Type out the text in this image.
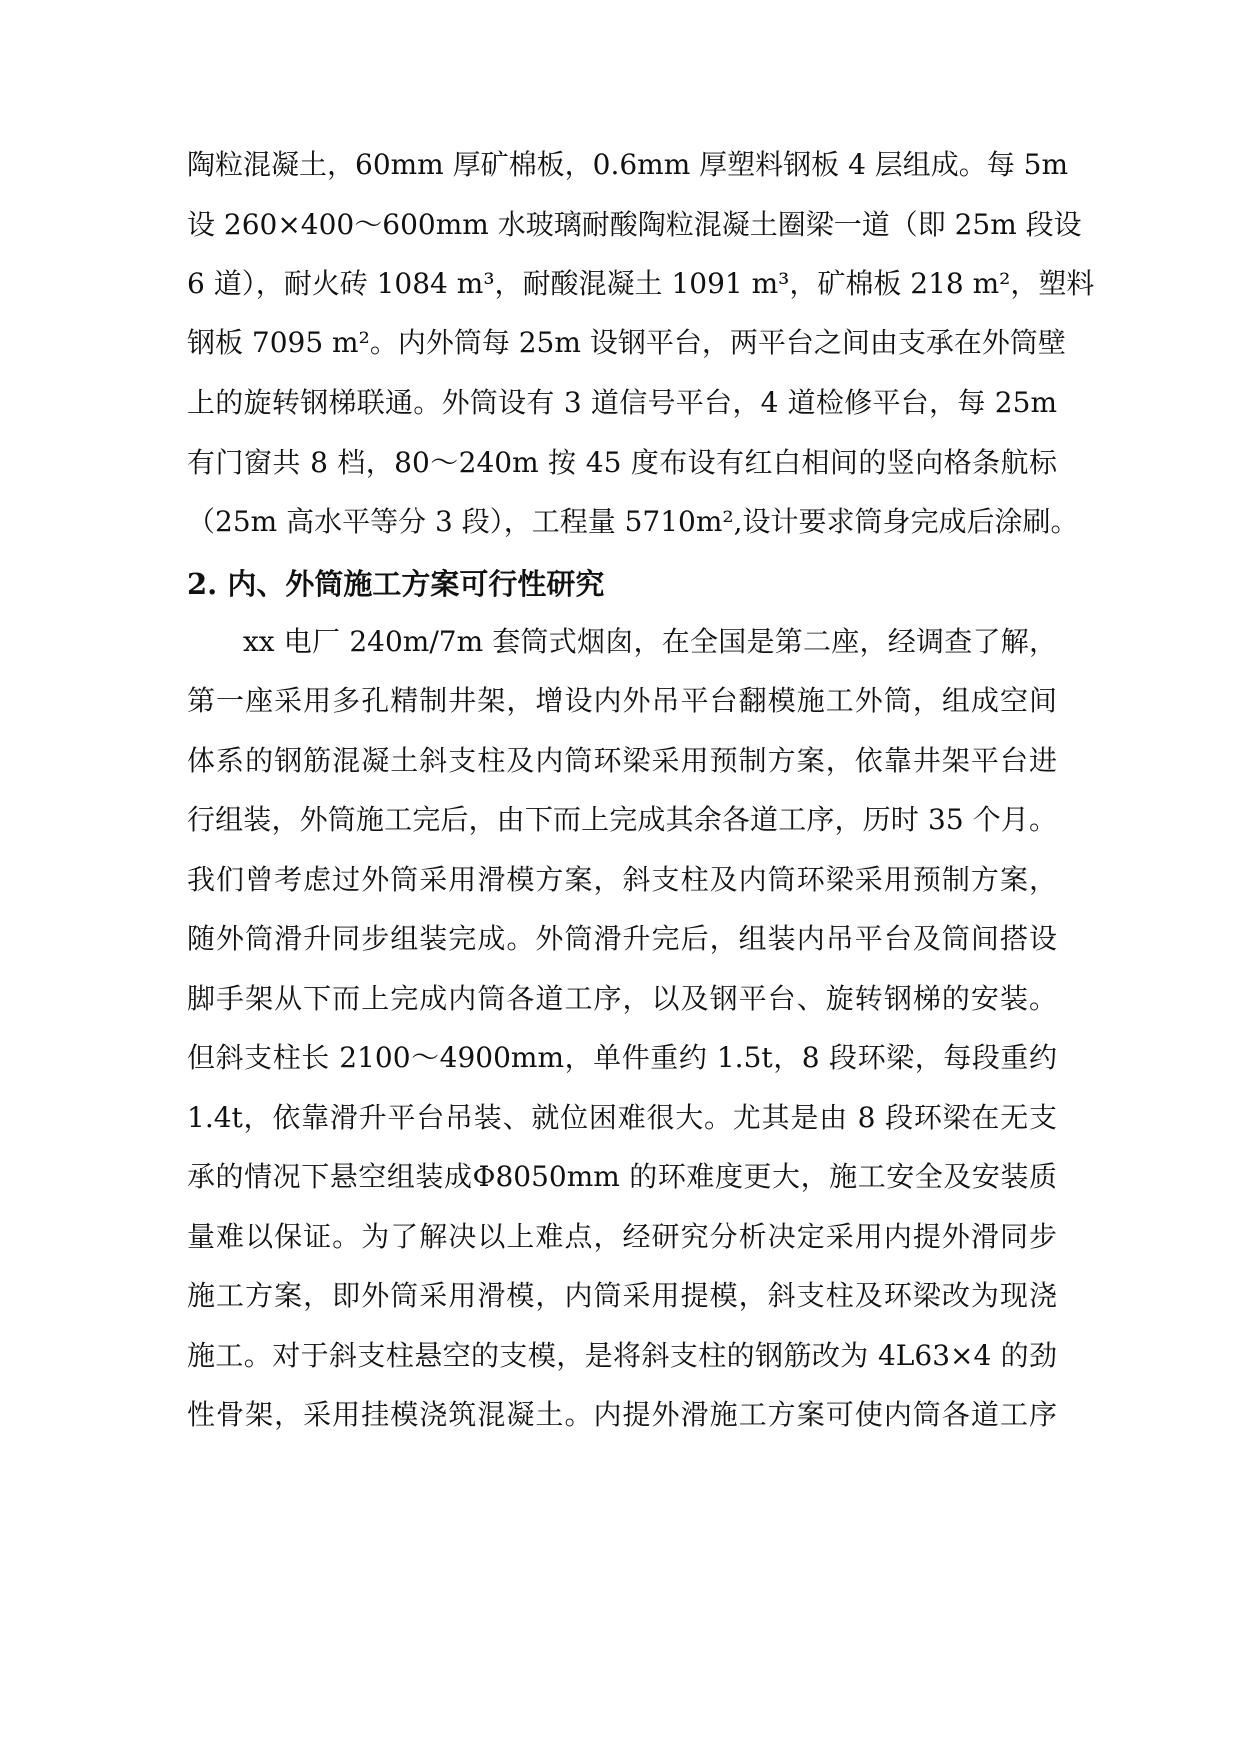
陶粒混凝土，60mm 厚矿棉板，0.6mm 厚塑料钢板 4 层组成。每 5m
设 260×400～600mm 水玻璃耐酸陶粒混凝土圈梁一道（即 25m 段设
6 道），耐火砖 1084 m³，耐酸混凝土 1091 m³，矿棉板 218 m²，塑料
钢板 7095 m²。内外筒每 25m 设钢平台，两平台之间由支承在外筒壁
上的旋转钢梯联通。外筒设有 3 道信号平台，4 道检修平台，每 25m
有门窗共 8 档，80～240m 按 45 度布设有红白相间的竖向格条航标
（25m 高水平等分 3 段），工程量 5710m²,设计要求筒身完成后涂刷。
2. 内、外筒施工方案可行性研究
xx 电厂 240m/7m 套筒式烟囱，在全国是第二座，经调查了解，
第一座采用多孔精制井架，增设内外吊平台翻模施工外筒，组成空间
体系的钢筋混凝土斜支柱及内筒环梁采用预制方案，依靠井架平台进
行组装，外筒施工完后，由下而上完成其余各道工序，历时 35 个月。
我们曾考虑过外筒采用滑模方案，斜支柱及内筒环梁采用预制方案，
随外筒滑升同步组装完成。外筒滑升完后，组装内吊平台及筒间搭设
脚手架从下而上完成内筒各道工序，以及钢平台、旋转钢梯的安装。
但斜支柱长 2100～4900mm，单件重约 1.5t，8 段环梁，每段重约
1.4t，依靠滑升平台吊装、就位困难很大。尤其是由 8 段环梁在无支
承的情况下悬空组装成Φ8050mm 的环难度更大，施工安全及安装质
量难以保证。为了解决以上难点，经研究分析决定采用内提外滑同步
施工方案，即外筒采用滑模，内筒采用提模，斜支柱及环梁改为现浇
施工。对于斜支柱悬空的支模，是将斜支柱的钢筋改为 4L63×4 的劲
性骨架，采用挂模浇筑混凝土。内提外滑施工方案可使内筒各道工序
